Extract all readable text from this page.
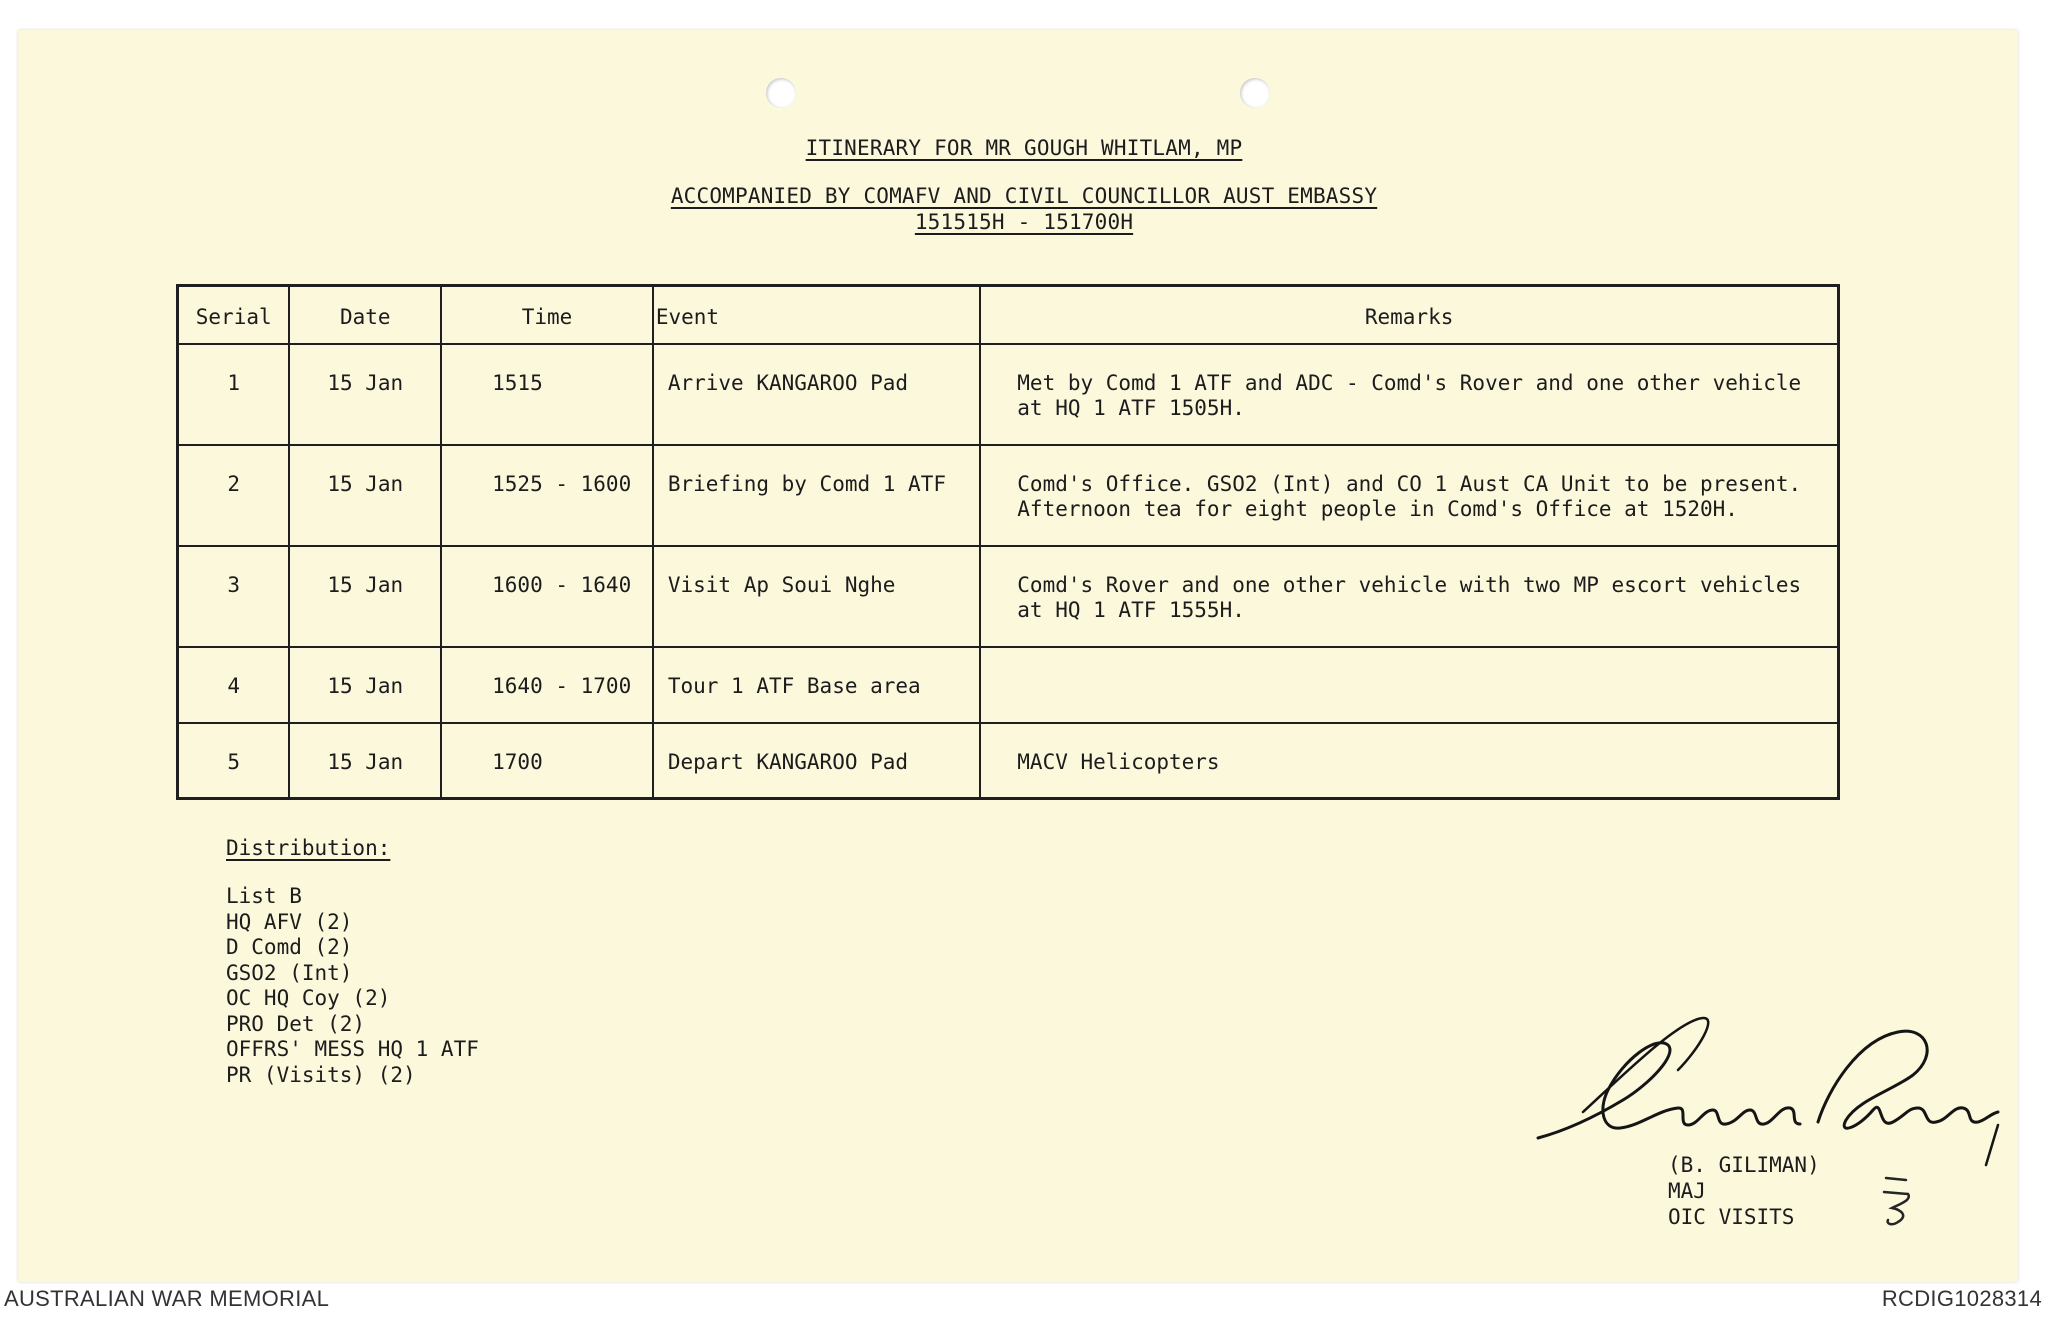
ITINERARY FOR MR GOUGH WHITLAM, MP
ACCOMPANIED BY COMAFV AND CIVIL COUNCILLOR AUST EMBASSY
151515H - 151700H
Serial	Date	Time	Event	Remarks
1	15 Jan	1515	Arrive KANGAROO Pad	Met by Comd 1 ATF and ADC - Comd's Rover and one other vehicle
at HQ 1 ATF 1505H.

2	15 Jan	1525 - 1600	Briefing by Comd 1 ATF	Comd's Office. GSO2 (Int) and CO 1 Aust CA Unit to be present.
Afternoon tea for eight people in Comd's Office at 1520H.

3	15 Jan	1600 - 1640	Visit Ap Soui Nghe	Comd's Rover and one other vehicle with two MP escort vehicles
at HQ 1 ATF 1555H.

4	15 Jan	1640 - 1700	Tour 1 ATF Base area	

5	15 Jan	1700	Depart KANGAROO Pad	MACV Helicopters
Distribution:
List B
HQ AFV (2)
D Comd (2)
GSO2 (Int)
OC HQ Coy (2)
PRO Det (2)
OFFRS' MESS HQ 1 ATF
PR (Visits) (2)
(B. GILIMAN)
MAJ
OIC VISITS
AUSTRALIAN WAR MEMORIAL	RCDIG1028314
